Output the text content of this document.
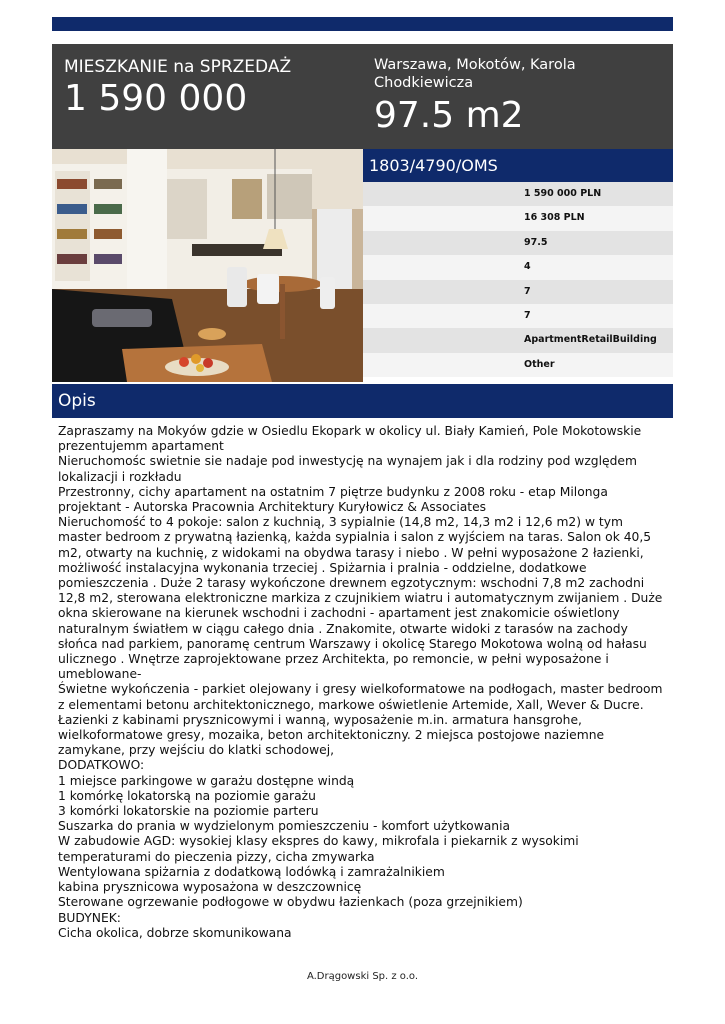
MIESZKANIE na SPRZEDAŻ
1 590 000
Warszawa, Mokotów, Karola Chodkiewicza
97.5 m2
1803/4790/OMS
1 590 000 PLN
16 308 PLN
97.5
4
7
7
ApartmentRetailBuilding
Other
Opis

Zapraszamy na Mokyów gdzie w Osiedlu Ekopark w okolicy ul. Biały Kamień, Pole Mokotowskie prezentujemm apartament

Nieruchomośc swietnie sie nadaje pod inwestycję na wynajem jak i dla rodziny pod względem lokalizacji i rozkładu

Przestronny, cichy apartament na ostatnim 7 piętrze budynku z 2008 roku - etap Milonga projektant - Autorska Pracownia Architektury Kuryłowicz & Associates

Nieruchomość to 4 pokoje: salon z kuchnią, 3 sypialnie (14,8 m2, 14,3 m2 i 12,6 m2) w tym master bedroom z prywatną łazienką, każda sypialnia i salon z wyjściem na taras. Salon ok 40,5 m2, otwarty na kuchnię, z widokami na obydwa tarasy i niebo . W pełni wyposażone 2 łazienki, możliwość instalacyjna wykonania trzeciej . Spiżarnia i pralnia - oddzielne, dodatkowe pomieszczenia . Duże 2 tarasy wykończone drewnem egzotycznym: wschodni 7,8 m2 zachodni 12,8 m2, sterowana elektroniczne markiza z czujnikiem wiatru i automatycznym zwijaniem . Duże okna skierowane na kierunek wschodni i zachodni - apartament jest znakomicie oświetlony naturalnym światłem w ciągu całego dnia . Znakomite, otwarte widoki z tarasów na zachody słońca nad parkiem, panoramę centrum Warszawy i okolicę Starego Mokotowa wolną od hałasu ulicznego . Wnętrze zaprojektowane przez Architekta, po remoncie, w pełni wyposażone i umeblowane-

Świetne wykończenia - parkiet olejowany i gresy wielkoformatowe na podłogach, master bedroom z elementami betonu architektonicznego, markowe oświetlenie Artemide, Xall, Wever & Ducre.

Łazienki z kabinami prysznicowymi i wanną, wyposażenie m.in. armatura hansgrohe, wielkoformatowe gresy, mozaika, beton architektoniczny. 2 miejsca postojowe naziemne zamykane, przy wejściu do klatki schodowej,

DODATKOWO:

1 miejsce parkingowe w garażu dostępne windą

1 komórkę lokatorską na poziomie garażu

3 komórki lokatorskie na poziomie parteru

Suszarka do prania w wydzielonym pomieszczeniu - komfort użytkowania

W zabudowie AGD: wysokiej klasy ekspres do kawy, mikrofala i piekarnik z wysokimi temperaturami do pieczenia pizzy, cicha zmywarka

Wentylowana spiżarnia z dodatkową lodówką i zamrażalnikiem

kabina prysznicowa wyposażona w deszczownicę

Sterowane ogrzewanie podłogowe w obydwu łazienkach (poza grzejnikiem)

BUDYNEK:

Cicha okolica, dobrze skomunikowana

A.Drągowski Sp. z o.o.
